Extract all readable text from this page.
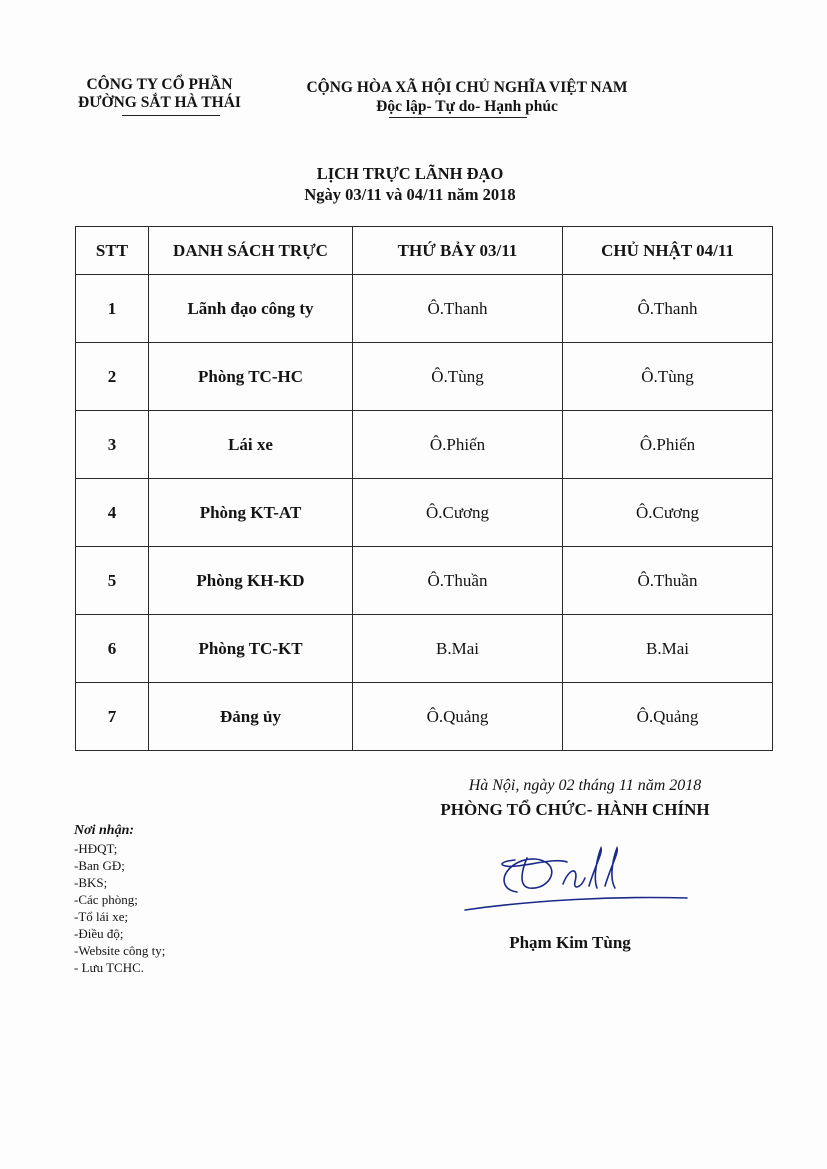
CÔNG TY CỔ PHẦN
ĐƯỜNG SẮT HÀ THÁI
CỘNG HÒA XÃ HỘI CHỦ NGHĨA VIỆT NAM
Độc lập- Tự do- Hạnh phúc
LỊCH TRỰC LÃNH ĐẠO
Ngày 03/11 và 04/11 năm 2018
STT	DANH SÁCH TRỰC	THỨ BẢY 03/11	CHỦ NHẬT 04/11
1	Lãnh đạo công ty	Ô.Thanh	Ô.Thanh
2	Phòng TC-HC	Ô.Tùng	Ô.Tùng
3	Lái xe	Ô.Phiến	Ô.Phiến
4	Phòng KT-AT	Ô.Cương	Ô.Cương
5	Phòng KH-KD	Ô.Thuần	Ô.Thuần
6	Phòng TC-KT	B.Mai	B.Mai
7	Đảng ủy	Ô.Quảng	Ô.Quảng
Hà Nội, ngày 02 tháng 11 năm 2018
PHÒNG TỔ CHỨC- HÀNH CHÍNH
Phạm Kim Tùng
Nơi nhận:
-HĐQT;
-Ban GĐ;
-BKS;
-Các phòng;
-Tổ lái xe;
-Điều độ;
-Website công ty;
- Lưu TCHC.
